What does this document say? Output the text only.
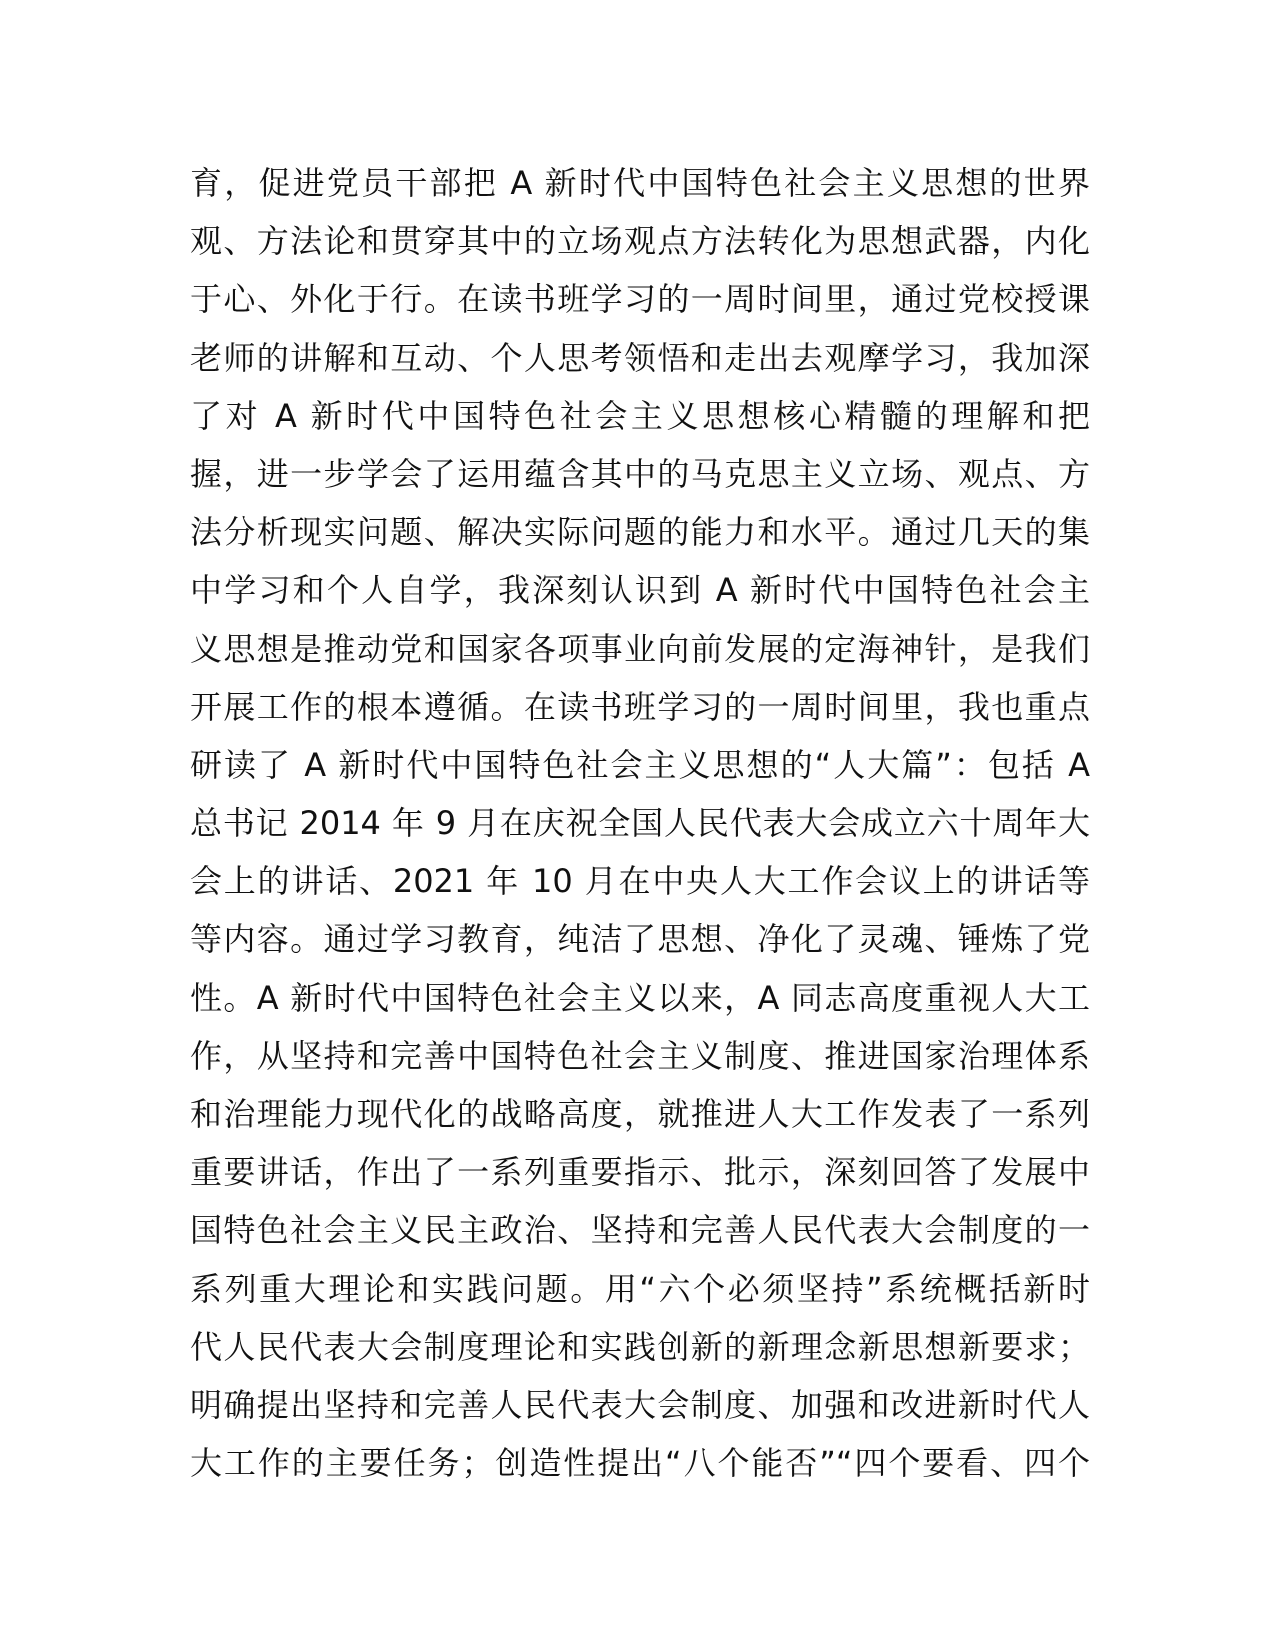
育，促进党员干部把 A 新时代中国特色社会主义思想的世界
观、方法论和贯穿其中的立场观点方法转化为思想武器，内化
于心、外化于行。在读书班学习的一周时间里，通过党校授课
老师的讲解和互动、个人思考领悟和走出去观摩学习，我加深
了对 A 新时代中国特色社会主义思想核心精髓的理解和把
握，进一步学会了运用蕴含其中的马克思主义立场、观点、方
法分析现实问题、解决实际问题的能力和水平。通过几天的集
中学习和个人自学，我深刻认识到 A 新时代中国特色社会主
义思想是推动党和国家各项事业向前发展的定海神针，是我们
开展工作的根本遵循。在读书班学习的一周时间里，我也重点
研读了 A 新时代中国特色社会主义思想的“人大篇”：包括 A
总书记 2014 年 9 月在庆祝全国人民代表大会成立六十周年大
会上的讲话、2021 年 10 月在中央人大工作会议上的讲话等
等内容。通过学习教育，纯洁了思想、净化了灵魂、锤炼了党
性。A 新时代中国特色社会主义以来，A 同志高度重视人大工
作，从坚持和完善中国特色社会主义制度、推进国家治理体系
和治理能力现代化的战略高度，就推进人大工作发表了一系列
重要讲话，作出了一系列重要指示、批示，深刻回答了发展中
国特色社会主义民主政治、坚持和完善人民代表大会制度的一
系列重大理论和实践问题。用“六个必须坚持”系统概括新时
代人民代表大会制度理论和实践创新的新理念新思想新要求；
明确提出坚持和完善人民代表大会制度、加强和改进新时代人
大工作的主要任务；创造性提出“八个能否”“四个要看、四个
